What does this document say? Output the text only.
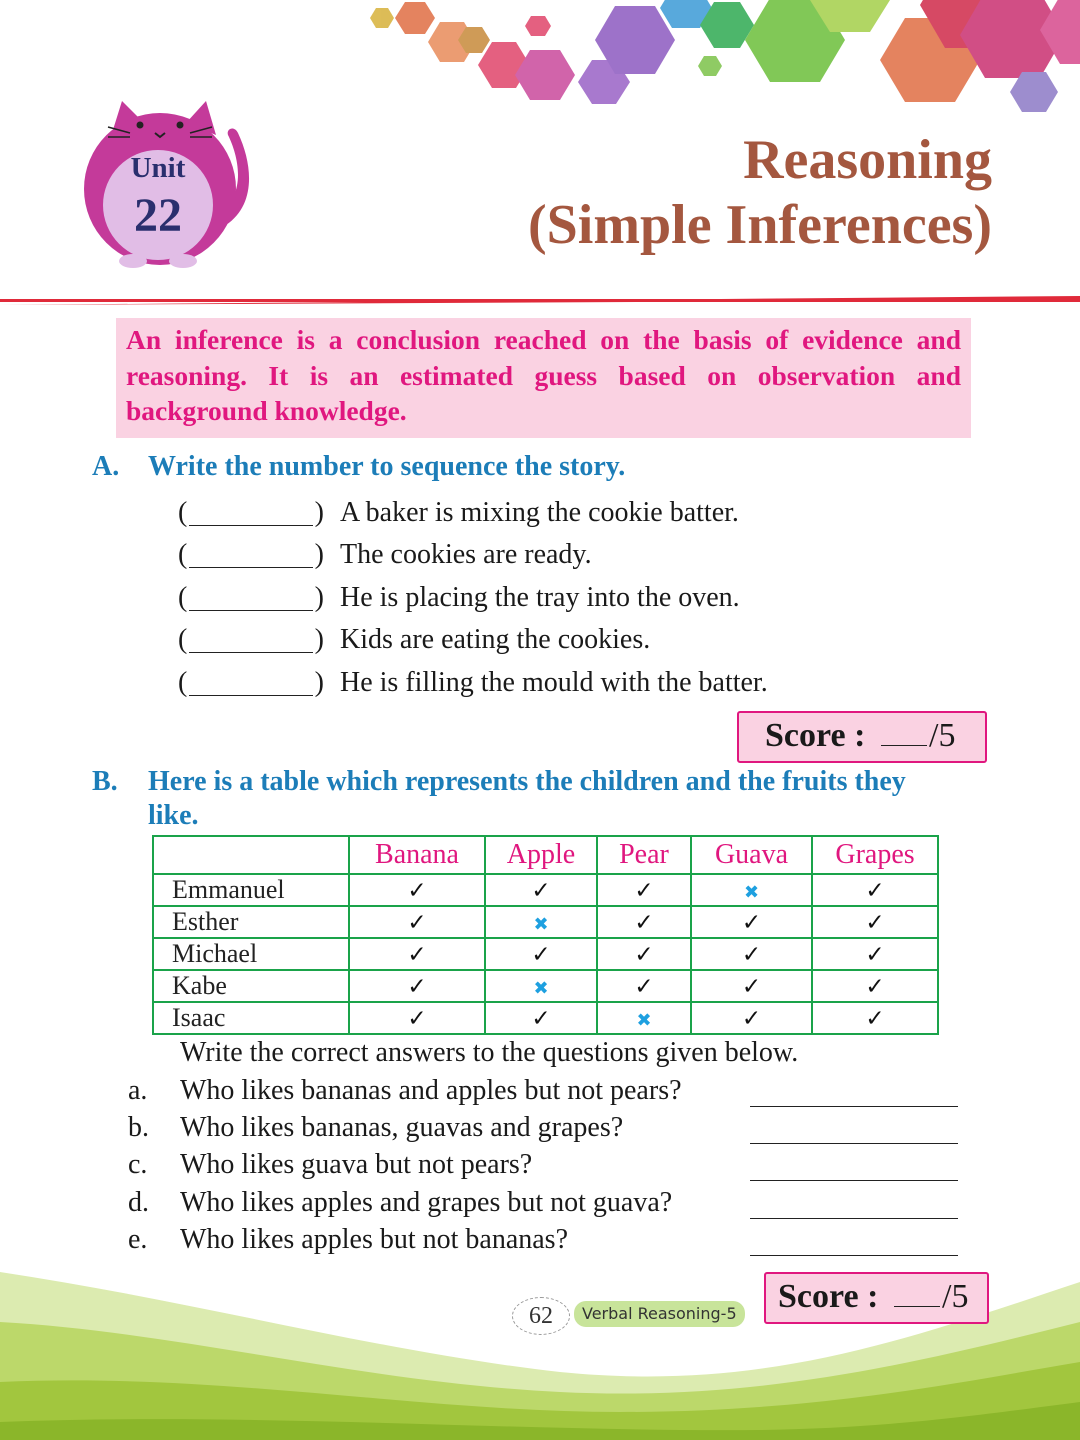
Unit
22
Reasoning
(Simple Inferences)

An inference is a conclusion reached on the basis of evidence and reasoning. It is an estimated guess based on observation and background knowledge.

A. Write the number to sequence the story.
(	) A baker is mixing the cookie batter.
(	) The cookies are ready.
(	) He is placing the tray into the oven.
(	) Kids are eating the cookies.
(	) He is filling the mould with the batter.
Score : /5
B. Here is a table which represents the children and the fruits they
like.
	Banana	Apple	Pear	Guava	Grapes
Emmanuel	✓	✓	✓	✖	✓
Esther	✓	✖	✓	✓	✓
Michael	✓	✓	✓	✓	✓
Kabe	✓	✖	✓	✓	✓
Isaac	✓	✓	✖	✓	✓
Write the correct answers to the questions given below.
a. Who likes bananas and apples but not pears?
b. Who likes bananas, guavas and grapes?
c. Who likes guava but not pears?
d. Who likes apples and grapes but not guava?
e. Who likes apples but not bananas?
62	Verbal Reasoning-5 Score : /5
